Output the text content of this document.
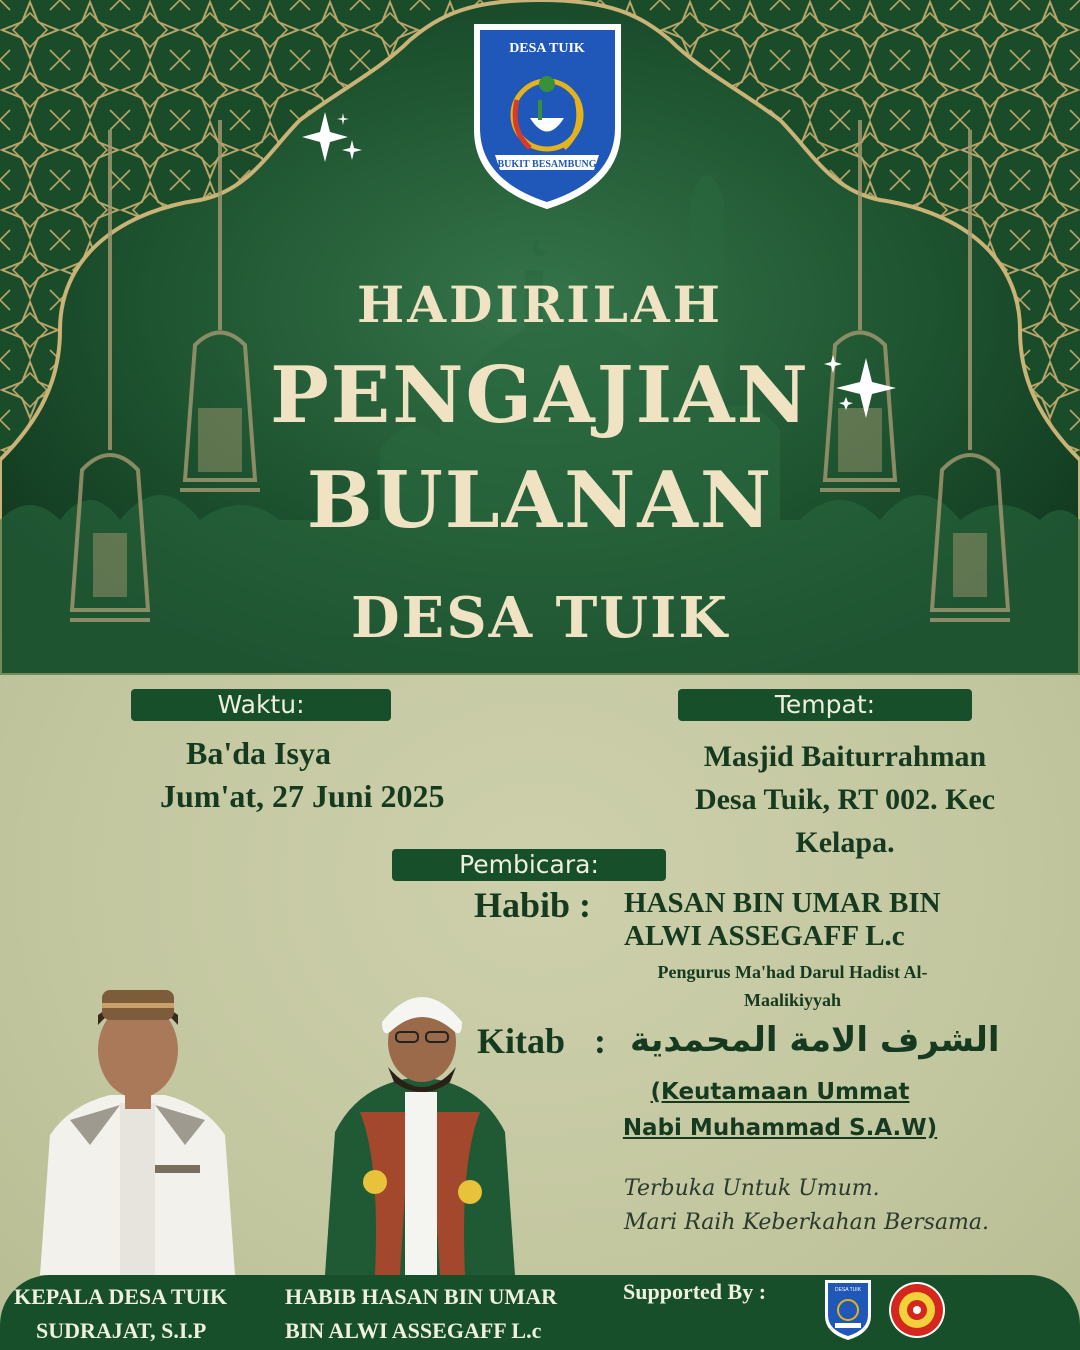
DESA TUIK
BUKIT BESAMBUNG
HADIRILAH
PENGAJIAN
BULANAN
DESA TUIK
Waktu:	Tempat:
Ba'da Isya
Jum'at, 27 Juni 2025
Masjid Baiturrahman Desa Tuik, RT 002. Kec Kelapa.
Pembicara:
Habib : HASAN BIN UMAR BIN ALWI ASSEGAFF L.c
Pengurus Ma'had Darul Hadist Al-Maalikiyyah
Kitab : الشرف الامة المحمدية
(Keutamaan Ummat
Nabi Muhammad S.A.W)
Terbuka Untuk Umum.
Mari Raih Keberkahan Bersama.
KEPALA DESA TUIK
SUDRAJAT, S.I.P
HABIB HASAN BIN UMAR
BIN ALWI ASSEGAFF L.c
Supported By :	DESA TUIK
